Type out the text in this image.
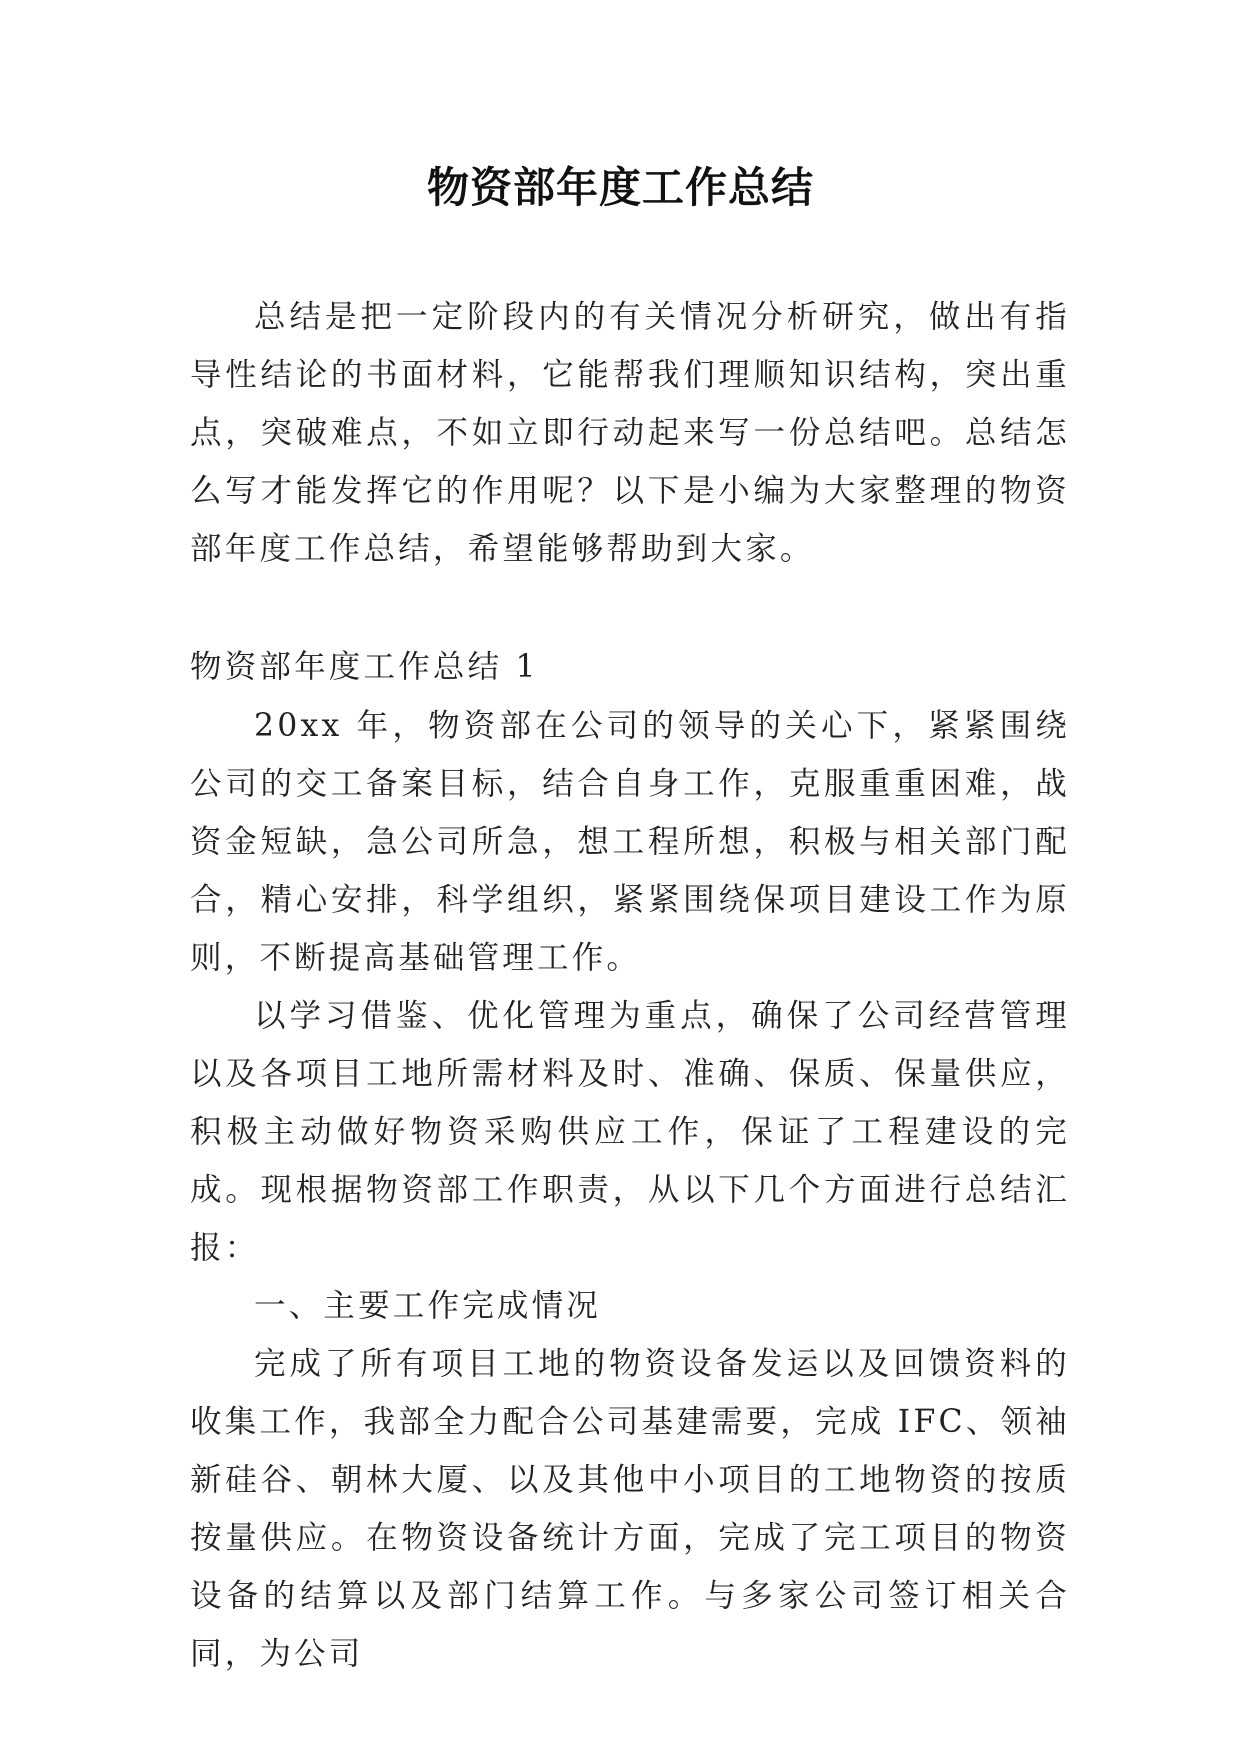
物资部年度工作总结

总结是把一定阶段内的有关情况分析研究，做出有指导性结论的书面材料，它能帮我们理顺知识结构，突出重点，突破难点，不如立即行动起来写一份总结吧。总结怎么写才能发挥它的作用呢？以下是小编为大家整理的物资部年度工作总结，希望能够帮助到大家。

物资部年度工作总结 1

20xx 年，物资部在公司的领导的关心下，紧紧围绕公司的交工备案目标，结合自身工作，克服重重困难，战资金短缺，急公司所急，想工程所想，积极与相关部门配合，精心安排，科学组织，紧紧围绕保项目建设工作为原则，不断提高基础管理工作。

以学习借鉴、优化管理为重点，确保了公司经营管理以及各项目工地所需材料及时、准确、保质、保量供应，积极主动做好物资采购供应工作，保证了工程建设的完成。现根据物资部工作职责，从以下几个方面进行总结汇报：

一、主要工作完成情况

完成了所有项目工地的物资设备发运以及回馈资料的收集工作，我部全力配合公司基建需要，完成 IFC、领袖新硅谷、朝林大厦、以及其他中小项目的工地物资的按质按量供应。在物资设备统计方面，完成了完工项目的物资设备的结算以及部门结算工作。与多家公司签订相关合同，为公司
